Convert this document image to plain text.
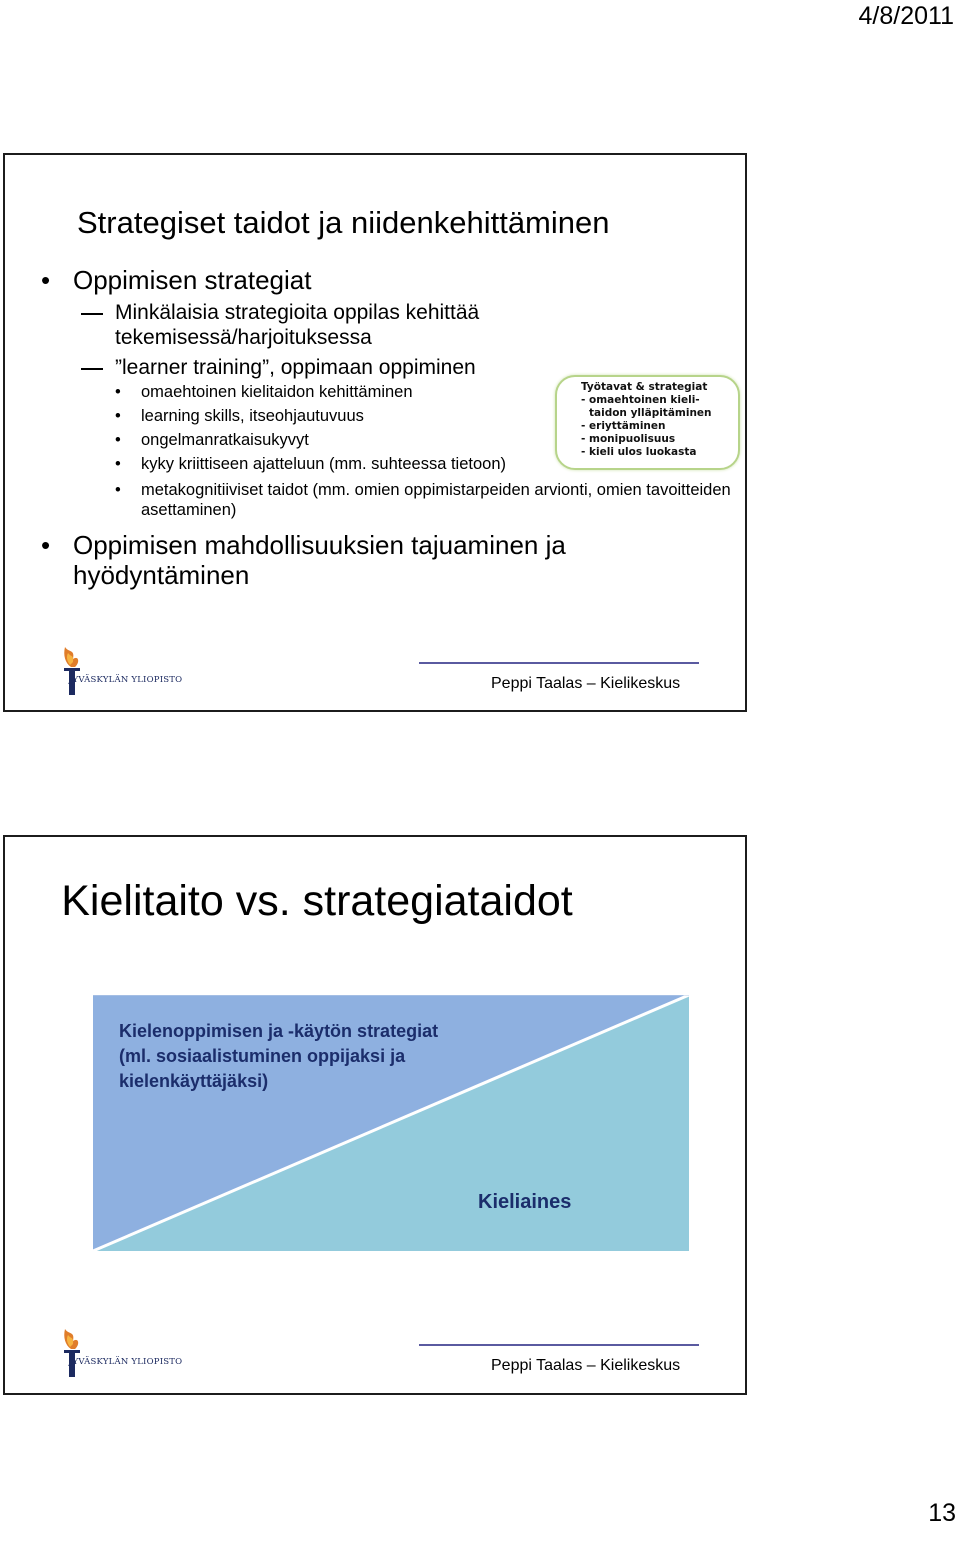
4/8/2011
Strategiset taidot ja niidenkehittäminen
• Oppimisen strategiat
Minkälaisia strategioita oppilas kehittää tekemisessä/harjoituksessa
”learner training”, oppimaan oppiminen
• omaehtoinen kielitaidon kehittäminen
• learning skills, itseohjautuvuus
• ongelmanratkaisukyvyt
• kyky kriittiseen ajatteluun (mm. suhteessa tietoon)
• metakognitiiviset taidot (mm. omien oppimistarpeiden arvionti, omien tavoitteiden asettaminen)
• Oppimisen mahdollisuuksien tajuaminen ja hyödyntäminen
Työtavat & strategiat
- omaehtoinen kieli-
taidon ylläpitäminen
- eriyttäminen
- monipuolisuus
- kieli ulos luokasta
JYVÄSKYLÄN YLIOPISTO	Peppi Taalas – Kielikeskus
Kielitaito vs. strategiataidot
Kielenoppimisen ja -käytön strategiat (ml. sosiaalistuminen oppijaksi ja kielenkäyttäjäksi)
Kieliaines
JYVÄSKYLÄN YLIOPISTO	Peppi Taalas – Kielikeskus
13
